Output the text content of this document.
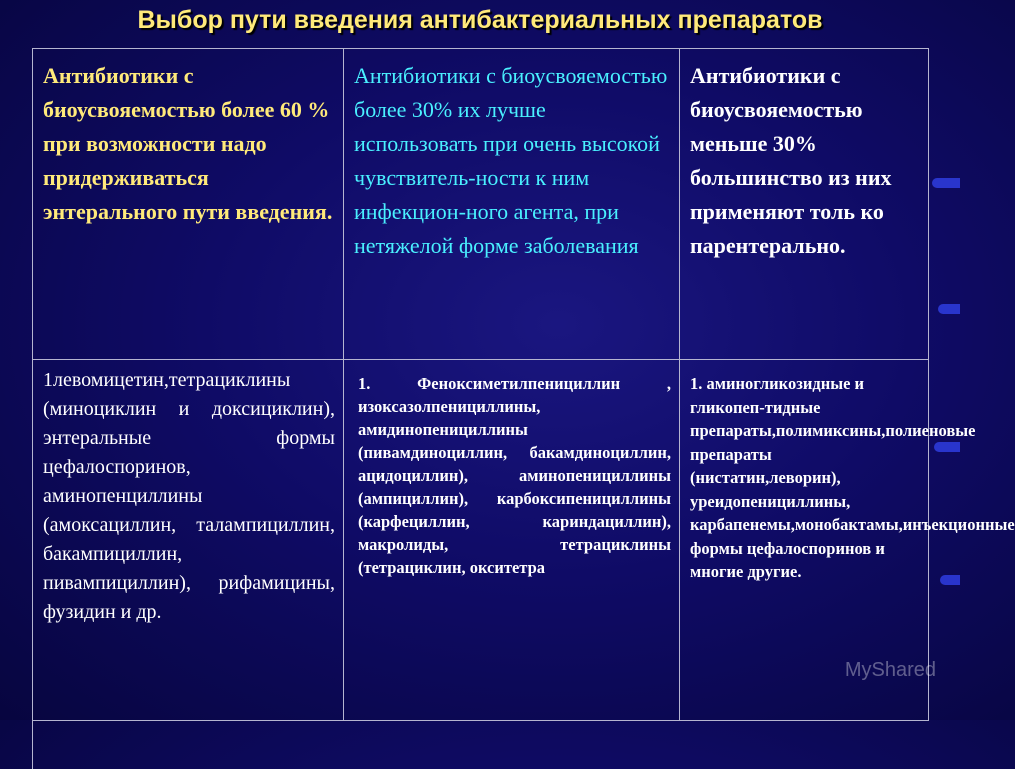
Выбор пути введения антибактериальных препаратов
Антибиотики с биоусвояемостью более 60 % при возможности надо придерживаться энтерального пути введения.
Антибиотики с биоусвояемостью более 30% их лучше использовать при очень высокой чувствитель-ности к ним инфекцион-ного агента, при нетяжелой форме заболевания
Антибиотики с биоусвояемостью меньше 30% большинство из них применяют толь ко парентерально.
1левомицетин,тетрациклины (миноциклин и доксициклин), энтеральные формы цефалоспоринов, аминопенциллины (амоксациллин, талампициллин, бакампициллин, пивампициллин), рифамицины, фузидин и др.
1. Феноксиметилпенициллин , изоксазолпенициллины, амидинопенициллины (пивамдиноциллин, бакамдиноциллин, ацидоциллин), аминопенициллины (ампициллин), карбоксипенициллины (карфециллин, кариндациллин), макролиды, тетрациклины (тетрациклин, окситетра
1. аминогликозидные и гликопеп-тидные препараты,полимиксины,полиеновые препараты (нистатин,леворин), уреидопенициллины, карбапенемы,монобактамы,инъекционные формы цефалоспоринов и многие другие.
MyShared
